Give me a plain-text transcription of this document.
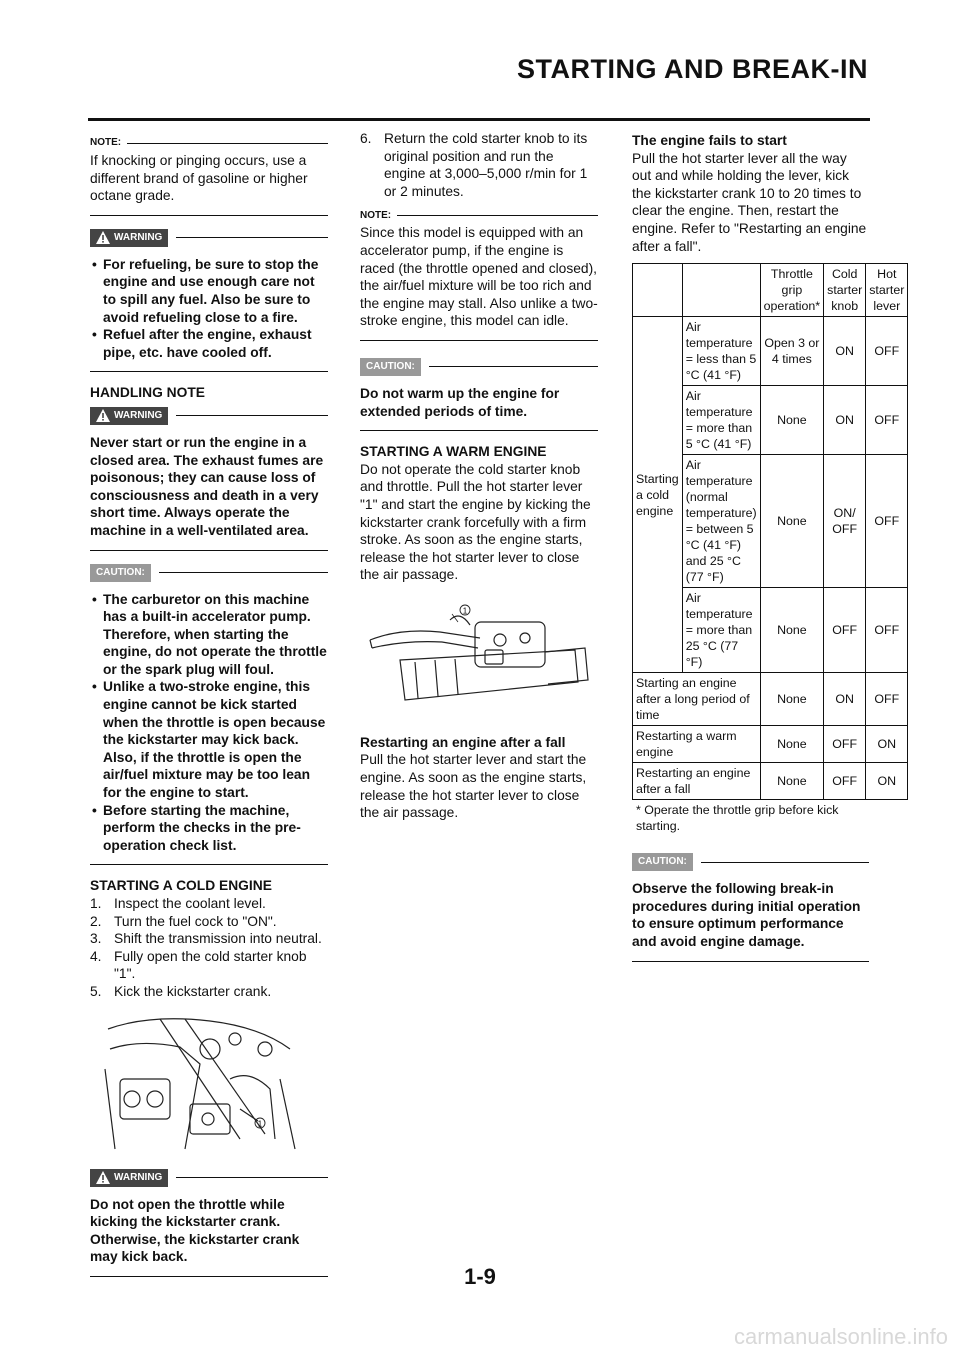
STARTING AND BREAK-IN
NOTE:

If knocking or pinging occurs, use a different brand of gasoline or higher octane grade.

WARNING
• For refueling, be sure to stop the engine and use enough care not to spill any fuel. Also be sure to avoid refueling close to a fire.
• Refuel after the engine, exhaust pipe, etc. have cooled off.
HANDLING NOTE
WARNING

Never start or run the engine in a closed area. The exhaust fumes are poisonous; they can cause loss of consciousness and death in a very short time. Always operate the machine in a well-ventilated area.

CAUTION:
• The carburetor on this machine has a built-in accelerator pump. Therefore, when starting the engine, do not operate the throttle or the spark plug will foul.
• Unlike a two-stroke engine, this engine cannot be kick started when the throttle is open because the kickstarter may kick back. Also, if the throttle is open the air/fuel mixture may be too lean for the engine to start.
• Before starting the machine, perform the checks in the pre-operation check list.
STARTING A COLD ENGINE
1. Inspect the coolant level.
2. Turn the fuel cock to "ON".
3. Shift the transmission into neutral.
4. Fully open the cold starter knob "1".
5. Kick the kickstarter crank.
1
WARNING

Do not open the throttle while kicking the kickstarter crank. Otherwise, the kickstarter crank may kick back.

6. Return the cold starter knob to its original position and run the engine at 3,000–5,000 r/min for 1 or 2 minutes.
NOTE:

Since this model is equipped with an accelerator pump, if the engine is raced (the throttle opened and closed), the air/fuel mixture will be too rich and the engine may stall. Also unlike a two-stroke engine, this model can idle.

CAUTION:

Do not warm up the engine for extended periods of time.

STARTING A WARM ENGINE

Do not operate the cold starter knob and throttle. Pull the hot starter lever "1" and start the engine by kicking the kickstarter crank forcefully with a firm stroke. As soon as the engine starts, release the hot starter lever to close the air passage.

1
Restarting an engine after a fall

Pull the hot starter lever and start the engine. As soon as the engine starts, release the hot starter lever to close the air passage.

The engine fails to start

Pull the hot starter lever all the way out and while holding the lever, kick the kickstarter crank 10 to 20 times to clear the engine. Then, restart the engine. Refer to "Restarting an engine after a fall".

		Throttle grip operation*	Cold starter knob	Hot starter lever
Starting a cold engine	Air temperature = less than 5 °C (41 °F)	Open 3 or 4 times	ON	OFF
	Air temperature = more than 5 °C (41 °F)	None	ON	OFF
	Air temperature (normal temperature) = between 5 °C (41 °F) and 25 °C (77 °F)	None	ON/ OFF	OFF
	Air temperature = more than 25 °C (77 °F)	None	OFF	OFF
Starting an engine after a long period of time		None	ON	OFF
Restarting a warm engine		None	OFF	ON
Restarting an engine after a fall		None	OFF	ON
* Operate the throttle grip before kick starting.
CAUTION:

Observe the following break-in procedures during initial operation to ensure optimum performance and avoid engine damage.

1-9
carmanualsonline.info
